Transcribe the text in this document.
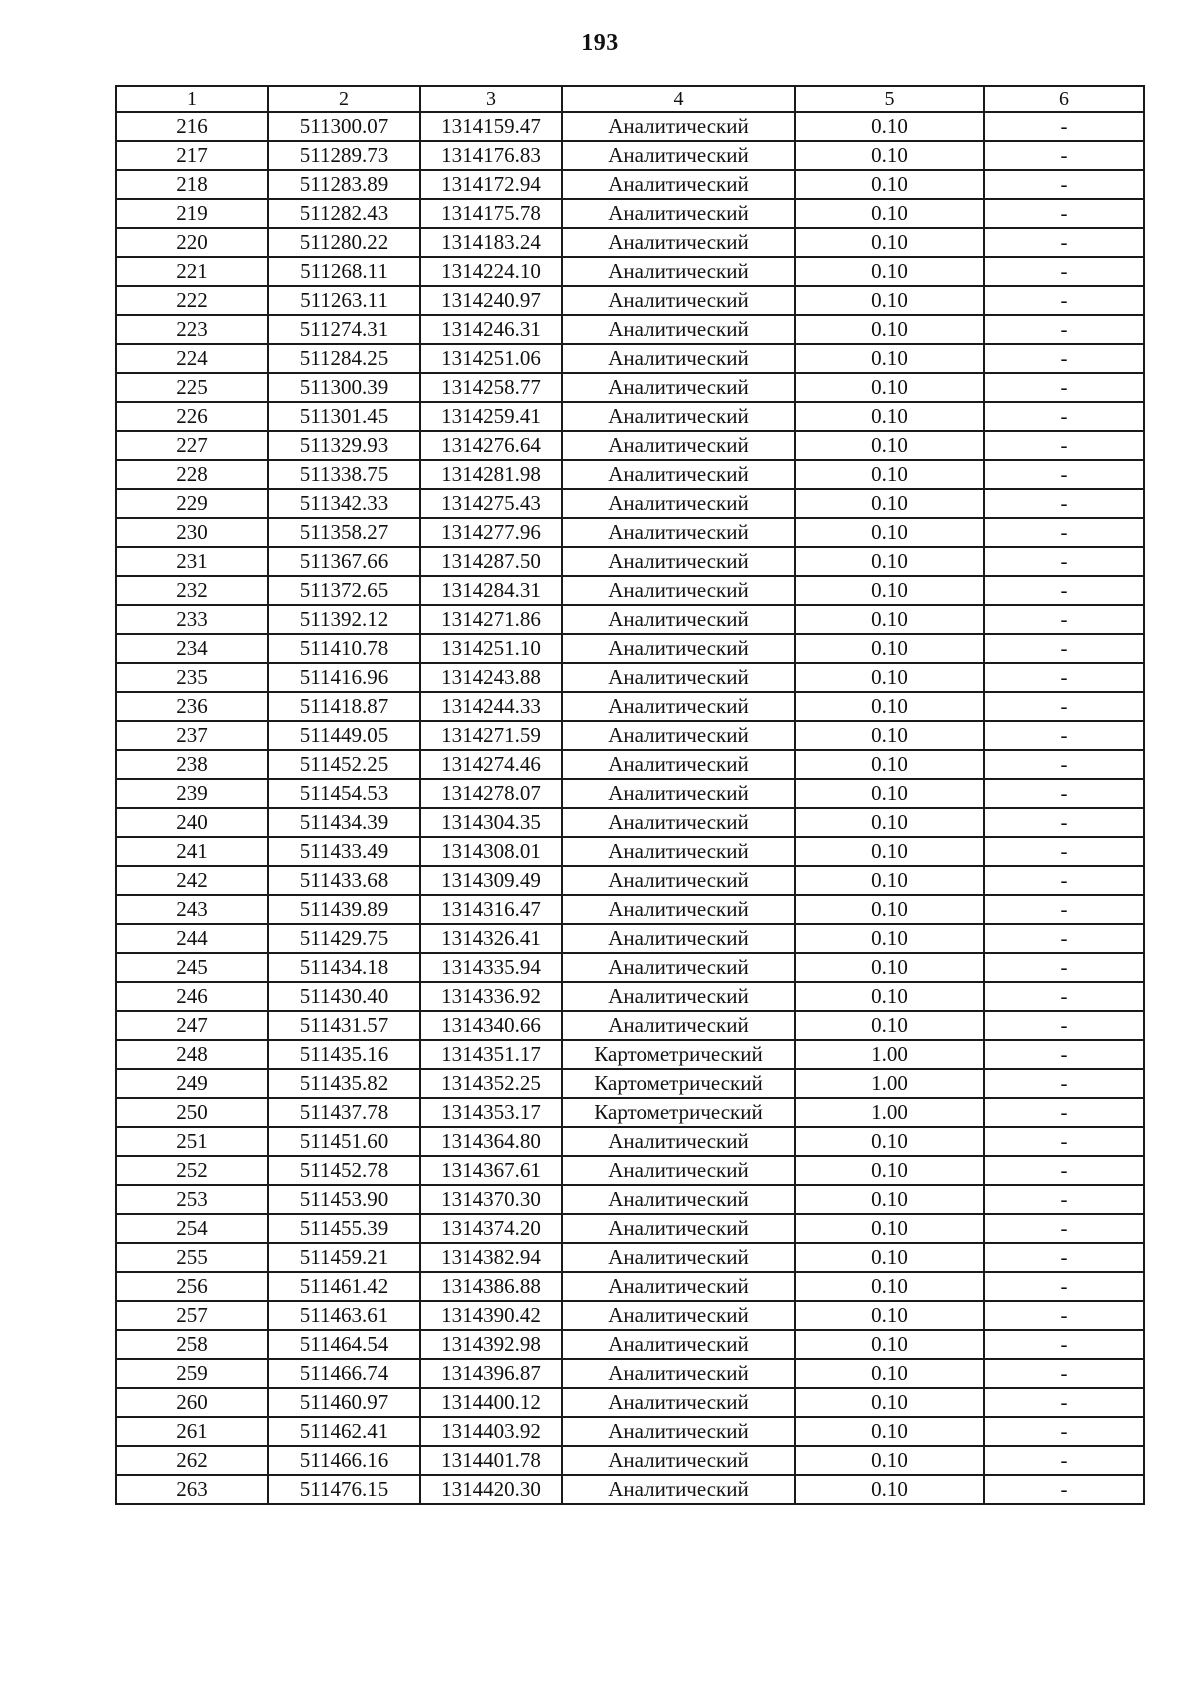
193
1	2	3	4	5	6
216	511300.07	1314159.47	Аналитический	0.10	-
217	511289.73	1314176.83	Аналитический	0.10	-
218	511283.89	1314172.94	Аналитический	0.10	-
219	511282.43	1314175.78	Аналитический	0.10	-
220	511280.22	1314183.24	Аналитический	0.10	-
221	511268.11	1314224.10	Аналитический	0.10	-
222	511263.11	1314240.97	Аналитический	0.10	-
223	511274.31	1314246.31	Аналитический	0.10	-
224	511284.25	1314251.06	Аналитический	0.10	-
225	511300.39	1314258.77	Аналитический	0.10	-
226	511301.45	1314259.41	Аналитический	0.10	-
227	511329.93	1314276.64	Аналитический	0.10	-
228	511338.75	1314281.98	Аналитический	0.10	-
229	511342.33	1314275.43	Аналитический	0.10	-
230	511358.27	1314277.96	Аналитический	0.10	-
231	511367.66	1314287.50	Аналитический	0.10	-
232	511372.65	1314284.31	Аналитический	0.10	-
233	511392.12	1314271.86	Аналитический	0.10	-
234	511410.78	1314251.10	Аналитический	0.10	-
235	511416.96	1314243.88	Аналитический	0.10	-
236	511418.87	1314244.33	Аналитический	0.10	-
237	511449.05	1314271.59	Аналитический	0.10	-
238	511452.25	1314274.46	Аналитический	0.10	-
239	511454.53	1314278.07	Аналитический	0.10	-
240	511434.39	1314304.35	Аналитический	0.10	-
241	511433.49	1314308.01	Аналитический	0.10	-
242	511433.68	1314309.49	Аналитический	0.10	-
243	511439.89	1314316.47	Аналитический	0.10	-
244	511429.75	1314326.41	Аналитический	0.10	-
245	511434.18	1314335.94	Аналитический	0.10	-
246	511430.40	1314336.92	Аналитический	0.10	-
247	511431.57	1314340.66	Аналитический	0.10	-
248	511435.16	1314351.17	Картометрический	1.00	-
249	511435.82	1314352.25	Картометрический	1.00	-
250	511437.78	1314353.17	Картометрический	1.00	-
251	511451.60	1314364.80	Аналитический	0.10	-
252	511452.78	1314367.61	Аналитический	0.10	-
253	511453.90	1314370.30	Аналитический	0.10	-
254	511455.39	1314374.20	Аналитический	0.10	-
255	511459.21	1314382.94	Аналитический	0.10	-
256	511461.42	1314386.88	Аналитический	0.10	-
257	511463.61	1314390.42	Аналитический	0.10	-
258	511464.54	1314392.98	Аналитический	0.10	-
259	511466.74	1314396.87	Аналитический	0.10	-
260	511460.97	1314400.12	Аналитический	0.10	-
261	511462.41	1314403.92	Аналитический	0.10	-
262	511466.16	1314401.78	Аналитический	0.10	-
263	511476.15	1314420.30	Аналитический	0.10	-
